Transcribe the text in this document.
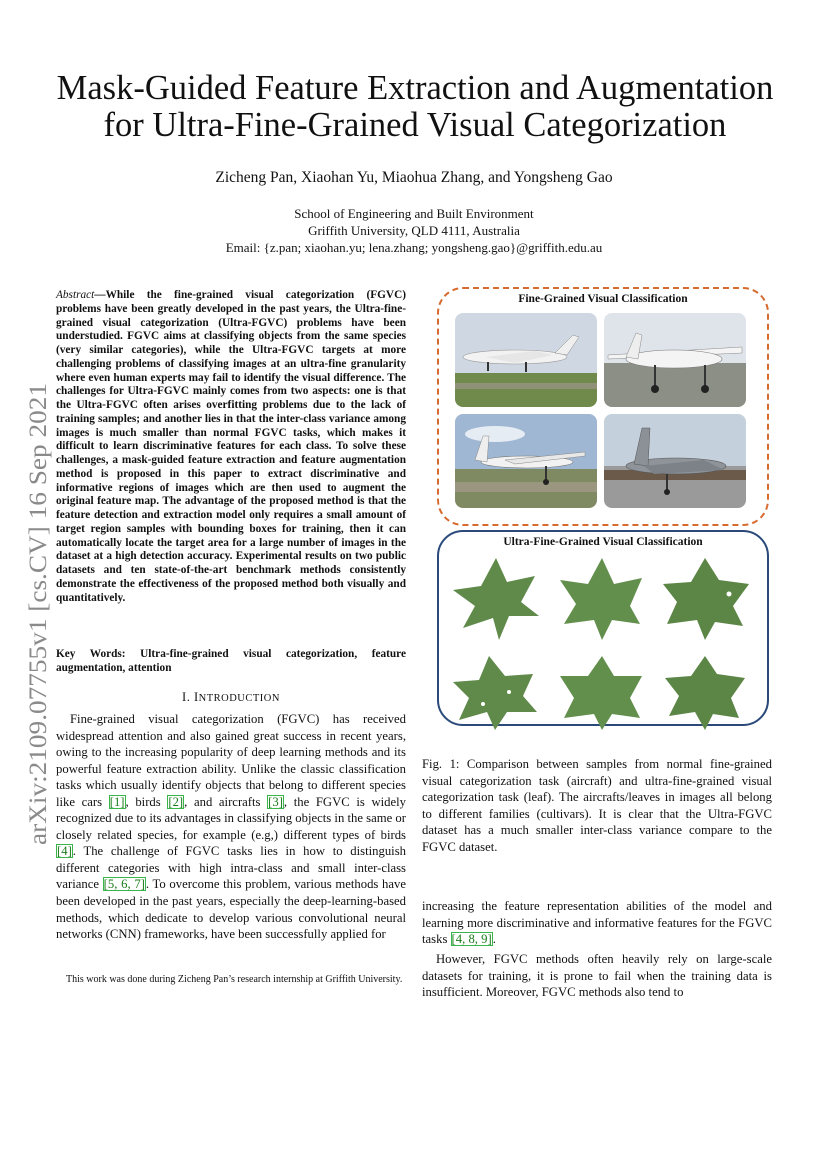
arXiv:2109.07755v1 [cs.CV] 16 Sep 2021
Mask-Guided Feature Extraction and Augmentation
for Ultra-Fine-Grained Visual Categorization
Zicheng Pan, Xiaohan Yu, Miaohua Zhang, and Yongsheng Gao
School of Engineering and Built Environment
Griffith University, QLD 4111, Australia
Email: {z.pan; xiaohan.yu; lena.zhang; yongsheng.gao}@griffith.edu.au
Abstract—While the fine-grained visual categorization (FGVC) problems have been greatly developed in the past years, the Ultra-fine-grained visual categorization (Ultra-FGVC) problems have been understudied. FGVC aims at classifying objects from the same species (very similar categories), while the Ultra-FGVC targets at more challenging problems of classifying images at an ultra-fine granularity where even human experts may fail to identify the visual difference. The challenges for Ultra-FGVC mainly comes from two aspects: one is that the Ultra-FGVC often arises overfitting problems due to the lack of training samples; and another lies in that the inter-class variance among images is much smaller than normal FGVC tasks, which makes it difficult to learn discriminative features for each class. To solve these challenges, a mask-guided feature extraction and feature augmentation method is proposed in this paper to extract discriminative and informative regions of images which are then used to augment the original feature map. The advantage of the proposed method is that the feature detection and extraction model only requires a small amount of target region samples with bounding boxes for training, then it can automatically locate the target area for a large number of images in the dataset at a high detection accuracy. Experimental results on two public datasets and ten state-of-the-art benchmark methods consistently demonstrate the effectiveness of the proposed method both visually and quantitatively.
Key Words: Ultra-fine-grained visual categorization, feature augmentation, attention
I. INTRODUCTION
Fine-grained visual categorization (FGVC) has received widespread attention and also gained great success in recent years, owing to the increasing popularity of deep learning methods and its powerful feature extraction ability. Unlike the classic classification tasks which usually identify objects that belong to different species like cars [1], birds [2], and aircrafts [3], the FGVC is widely recognized due to its advantages in classifying objects in the same or closely related species, for example (e.g,) different types of birds [4]. The challenge of FGVC tasks lies in how to distinguish different categories with high intra-class and small inter-class variance [5, 6, 7]. To overcome this problem, various methods have been developed in the past years, especially the deep-learning-based methods, which dedicate to develop various convolutional neural networks (CNN) frameworks, have been successfully applied for
This work was done during Zicheng Pan’s research internship at Griffith University.
Fine-Grained Visual Classification
Ultra-Fine-Grained Visual Classification
Fig. 1: Comparison between samples from normal fine-grained visual categorization task (aircraft) and ultra-fine-grained visual categorization task (leaf). The aircrafts/leaves in images all belong to different families (cultivars). It is clear that the Ultra-FGVC dataset has a much smaller inter-class variance compare to the FGVC dataset.
increasing the feature representation abilities of the model and learning more discriminative and informative features for the FGVC tasks [4, 8, 9].
However, FGVC methods often heavily rely on large-scale datasets for training, it is prone to fail when the training data is insufficient. Moreover, FGVC methods also tend to
